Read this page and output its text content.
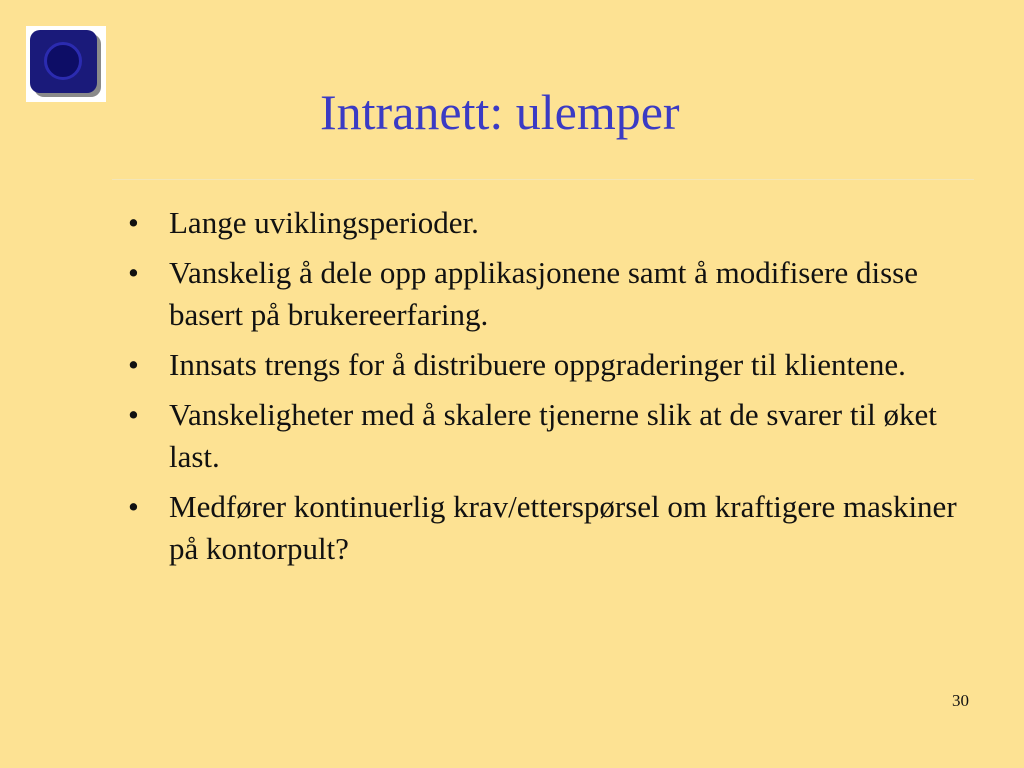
Intranett: ulemper
• Lange uviklingsperioder.
• Vanskelig å dele opp applikasjonene samt å modifisere disse basert på brukereerfaring.
• Innsats trengs for å distribuere oppgraderinger til klientene.
• Vanskeligheter med å skalere tjenerne slik at de svarer til øket last.
• Medfører kontinuerlig krav/etterspørsel om kraftigere maskiner på kontorpult?
30
